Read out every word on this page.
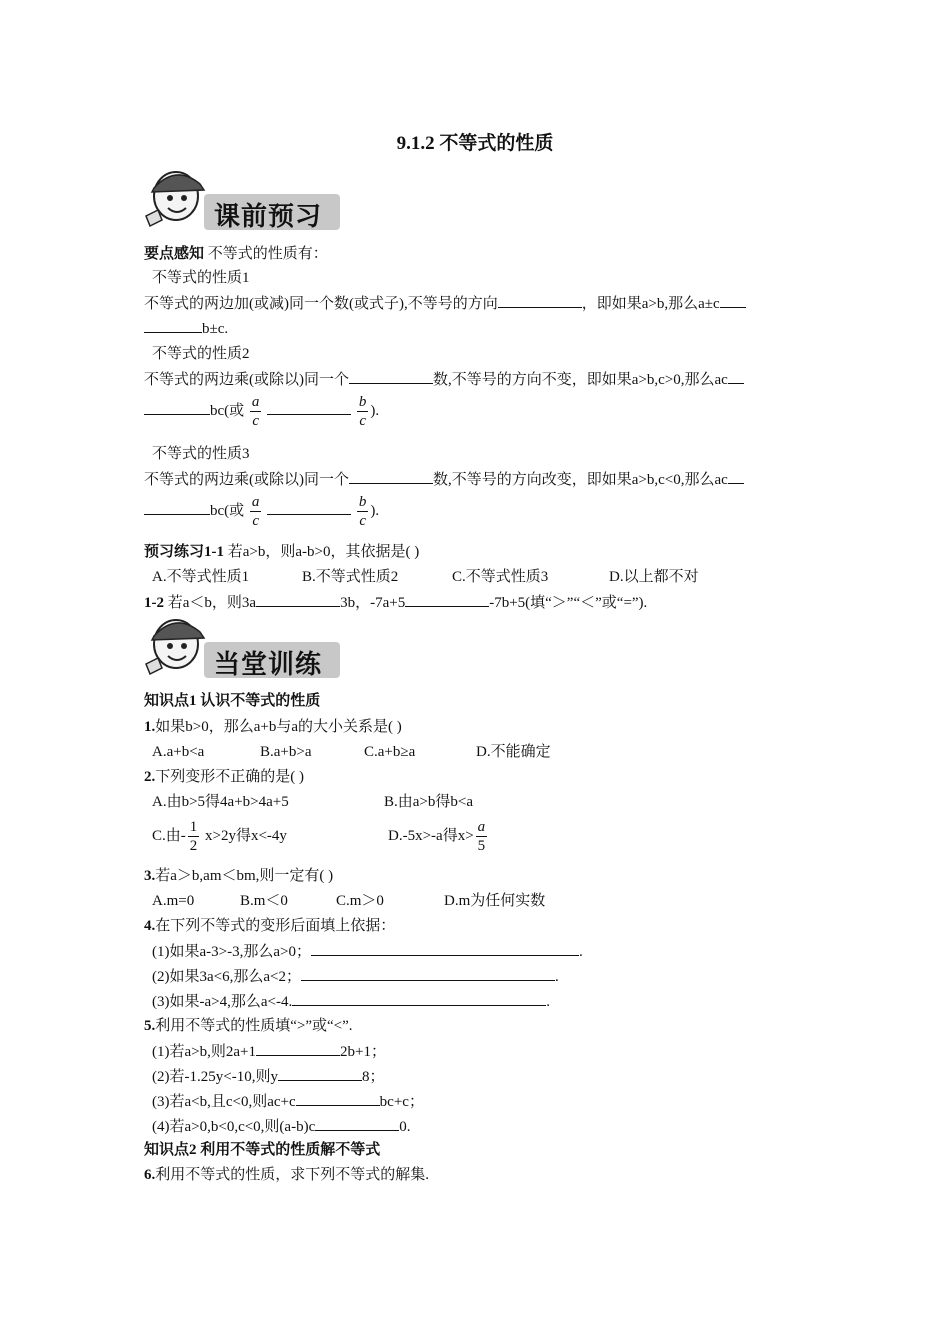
9.1.2 不等式的性质
课前预习
要点感知 不等式的性质有：
不等式的性质1
不等式的两边加(或减)同一个数(或式子),不等号的方向	，即如果a>b,那么a±c
b±c.
不等式的性质2
不等式的两边乘(或除以)同一个	数,不等号的方向不变，即如果a>b,c>0,那么ac
bc(或 $\frac{a}{c}$
	$\frac{b}{c}$ ).
不等式的性质3
不等式的两边乘(或除以)同一个	数,不等号的方向改变，即如果a>b,c<0,那么ac
bc(或 $\frac{a}{c}$
	$\frac{b}{c}$ ).
预习练习1-1 若a>b，则a-b>0，其依据是( )
A.不等式性质1	B.不等式性质2	C.不等式性质3	D.以上都不对
1-2 若a＜b，则3a	3b，-7a+5	-7b+5(填“＞”“＜”或“=”).
当堂训练
知识点1 认识不等式的性质
1.如果b>0，那么a+b与a的大小关系是( )
A.a+b<a	B.a+b>a	C.a+b≥a	D.不能确定
2.下列变形不正确的是( )
A.由b>5得4a+b>4a+5	B.由a>b得b<a
C.由- $\frac{1}{2} x>2y$得x<-4y	D.-5x>-a得$x> \frac{a}{5}$
3.若a＞b,am＜bm,则一定有( )
A.m=0	B.m＜0	C.m＞0	D.m为任何实数
4.在下列不等式的变形后面填上依据：
(1)如果a-3>-3,那么a>0；	.
(2)如果3a<6,那么a<2；	.
(3)如果-a>4,那么a<-4.	.
5.利用不等式的性质填“>”或“<”.
(1)若a>b,则2a+1	2b+1；
(2)若-1.25y<-10,则y	8；
(3)若a<b,且c<0,则ac+c	bc+c；
(4)若a>0,b<0,c<0,则(a-b)c	0.
知识点2 利用不等式的性质解不等式
6.利用不等式的性质，求下列不等式的解集.
